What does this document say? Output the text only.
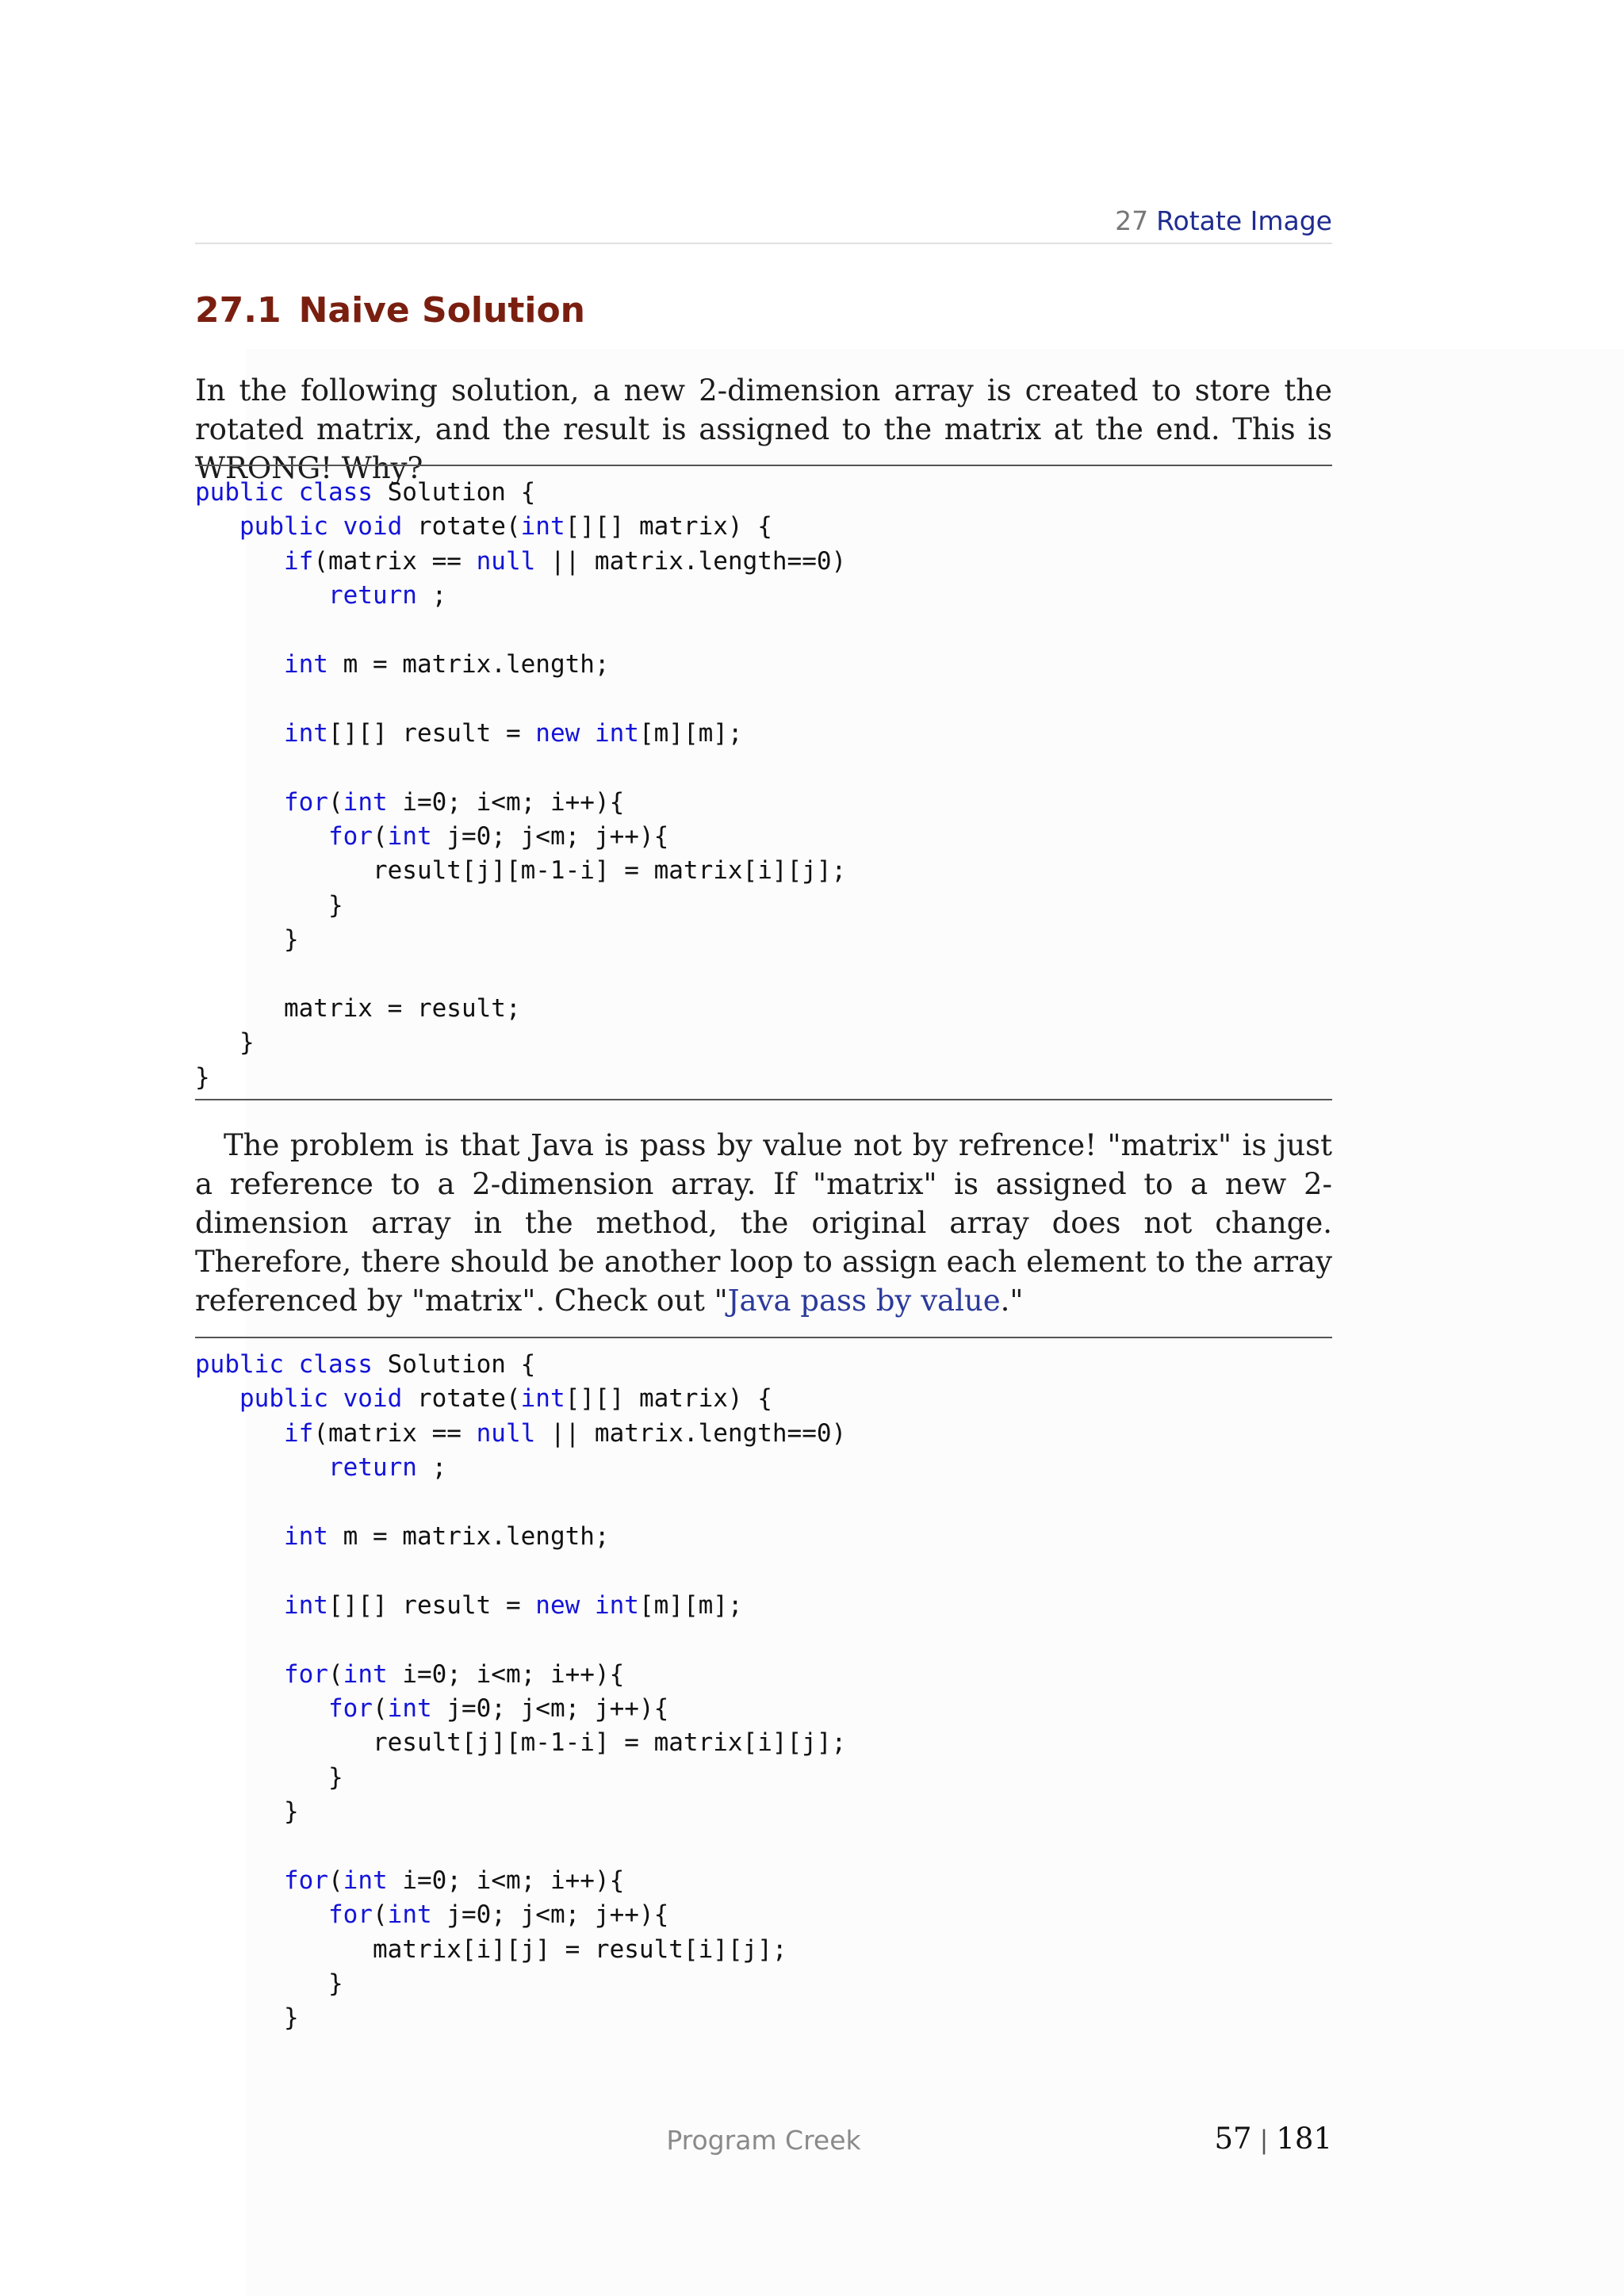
27 Rotate Image
27.1 Naive Solution

In the following solution, a new 2-dimension array is created to store the rotated matrix, and the result is assigned to the matrix at the end. This is WRONG! Why?

public class Solution {
public void rotate(int[][] matrix) {
if(matrix == null || matrix.length==0)
return ;
int m = matrix.length;
int[][] result = new int[m][m];
for(int i=0; i<m; i++){
for(int j=0; j<m; j++){
result[j][m-1-i] = matrix[i][j];
}
}
matrix = result;
}
}

The problem is that Java is pass by value not by refrence! "matrix" is just a reference to a 2-dimension array. If "matrix" is assigned to a new 2-dimension array in the method, the original array does not change. Therefore, there should be another loop to assign each element to the array referenced by "matrix". Check out "Java pass by value."

public class Solution {
public void rotate(int[][] matrix) {
if(matrix == null || matrix.length==0)
return ;
int m = matrix.length;
int[][] result = new int[m][m];
for(int i=0; i<m; i++){
for(int j=0; j<m; j++){
result[j][m-1-i] = matrix[i][j];
}
}
for(int i=0; i<m; i++){
for(int j=0; j<m; j++){
matrix[i][j] = result[i][j];
}
}
Program Creek	57 | 181
